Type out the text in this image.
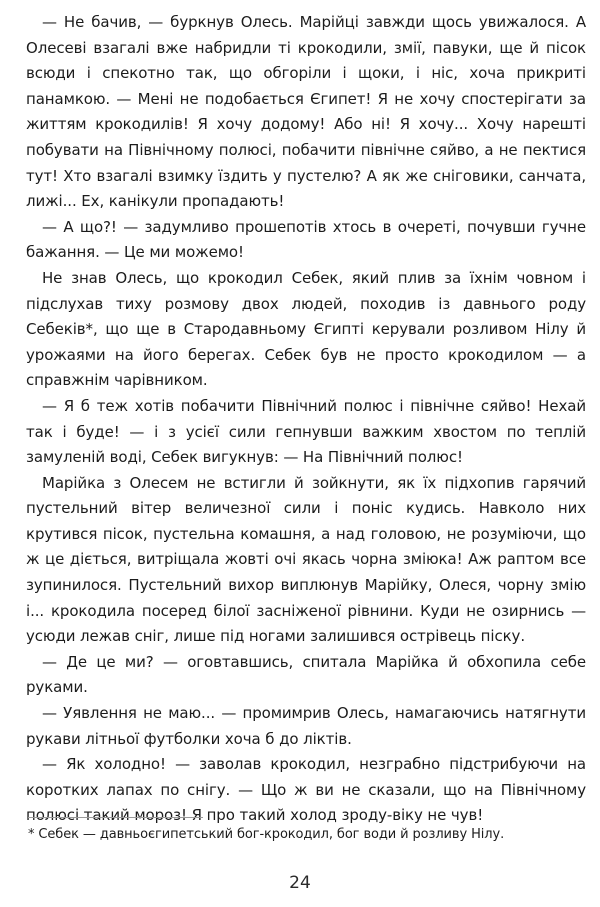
— Не бачив, — буркнув Олесь. Марійці завжди щось увижалося. А Олесеві взагалі вже набридли ті крокодили, змії, павуки, ще й пісок всюди і спекотно так, що обгоріли і щоки, і ніс, хоча прикриті панамкою. — Мені не подобається Єгипет! Я не хочу спостерігати за життям крокодилів! Я хочу додому! Або ні! Я хочу... Хочу нарешті побувати на Північному полюсі, побачити північне сяйво, а не пектися тут! Хто взагалі взимку їздить у пустелю? А як же сніговики, санчата, лижі... Ех, канікули пропадають!

— А що?! — задумливо прошепотів хтось в очереті, почувши гучне бажання. — Це ми можемо!

Не знав Олесь, що крокодил Себек, який плив за їхнім човном і підслухав тиху розмову двох людей, походив із давнього роду Себеків*, що ще в Стародавньому Єгипті керували розливом Нілу й урожаями на його берегах. Себек був не просто крокодилом — а справжнім чарівником.

— Я б теж хотів побачити Північний полюс і північне сяйво! Нехай так і буде! — і з усієї сили гепнувши важким хвостом по теплій замуленій воді, Себек вигукнув: — На Північний полюс!

Марійка з Олесем не встигли й зойкнути, як їх підхопив гарячий пустельний вітер величезної сили і поніс кудись. Навколо них крутився пісок, пустельна комашня, а над головою, не розуміючи, що ж це діється, витріщала жовті очі якась чорна зміюка! Аж раптом все зупинилося. Пустельний вихор виплюнув Марійку, Олеся, чорну змію і... крокодила посеред білої засніженої рівнини. Куди не озирнись — усюди лежав сніг, лише під ногами залишився острівець піску.

— Де це ми? — оговтавшись, спитала Марійка й обхопила себе руками.

— Уявлення не маю... — промимрив Олесь, намагаючись натягнути рукави літньої футболки хоча б до ліктів.

— Як холодно! — заволав крокодил, незграбно підстрибуючи на коротких лапах по снігу. — Що ж ви не сказали, що на Північному полюсі такий мороз! Я про такий холод зроду-віку не чув!

* Себек — давньоєгипетський бог-крокодил, бог води й розливу Нілу.

24
